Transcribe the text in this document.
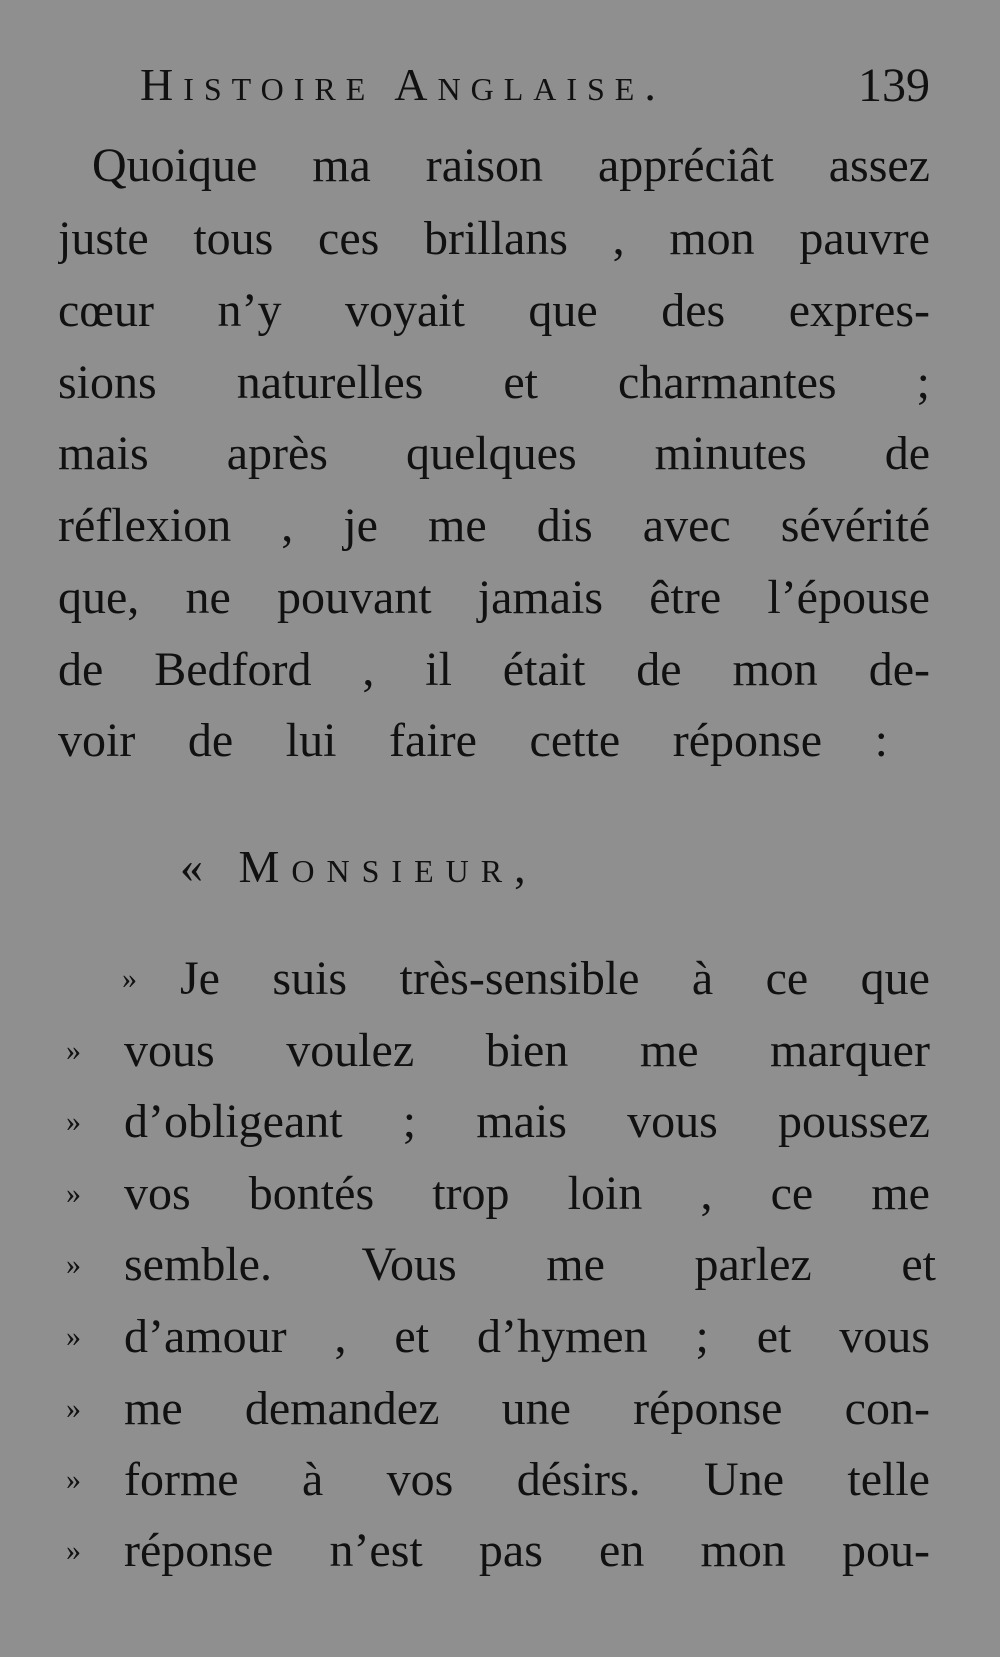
Histoire Anglaise.	139
Quoique ma raison appréciât assez
juste tous ces brillans , mon pauvre
cœur n’y voyait que des expres-
sions naturelles et charmantes ;
mais après quelques minutes de
réflexion , je me dis avec sévérité
que, ne pouvant jamais être l’épouse
de Bedford , il était de mon de-
voir de lui faire cette réponse :
« Monsieur,
» Je suis très-sensible à ce que
» vous voulez bien me marquer
» d’obligeant ; mais vous poussez
» vos bontés trop loin , ce me
» semble. Vous me parlez et
» d’amour , et d’hymen ; et vous
» me demandez une réponse con-
» forme à vos désirs. Une telle
» réponse n’est pas en mon pou-
